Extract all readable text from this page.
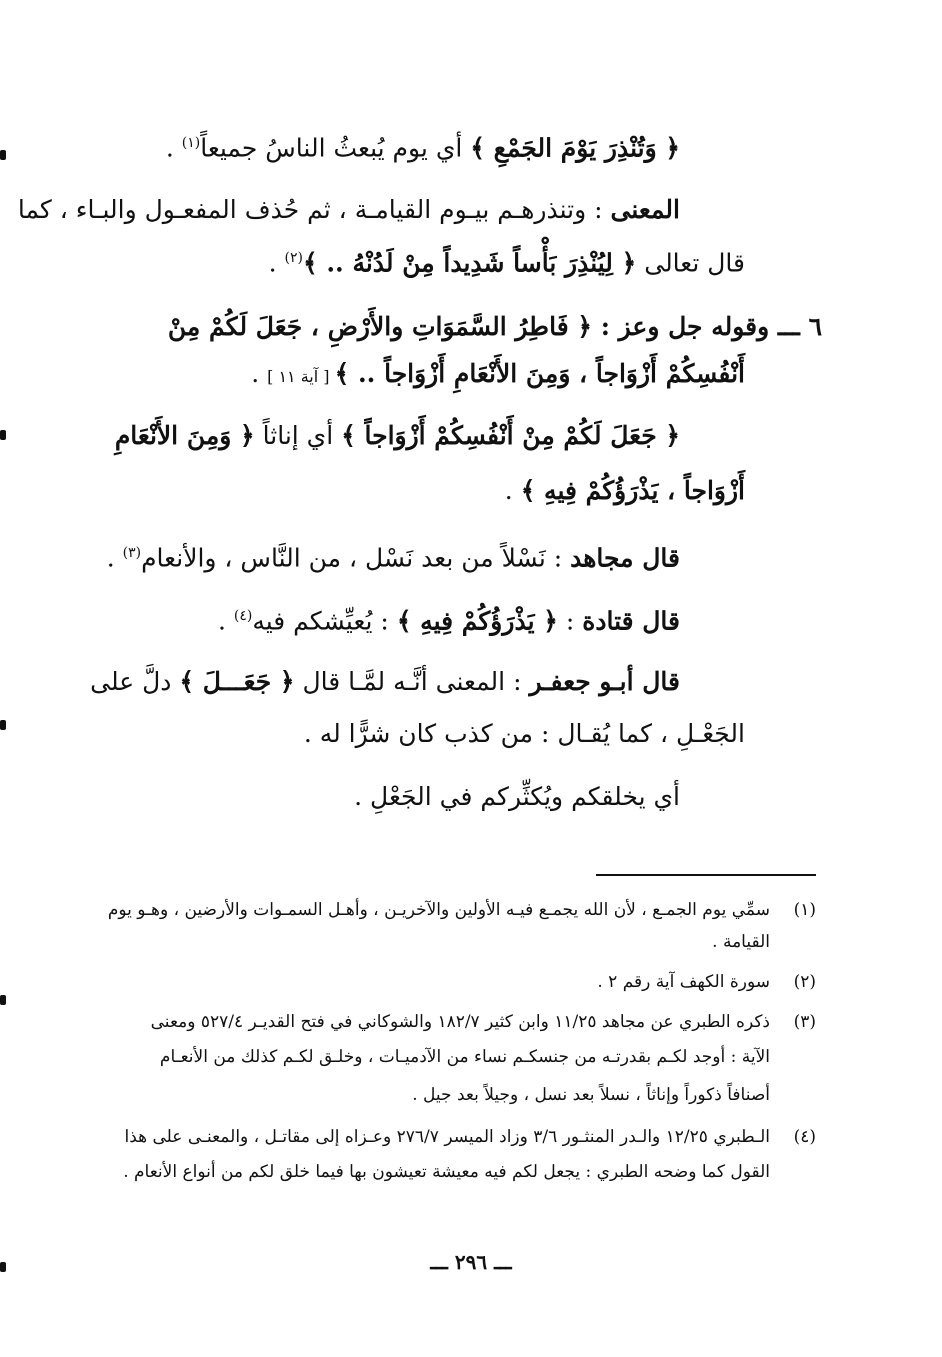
﴿ وَتُنْذِرَ يَوْمَ الجَمْعِ ﴾ أي يوم يُبعثُ الناسُ جميعاً$^{(١)}$ .
المعنى : وتنذرهـم بيـوم القيامـة ، ثم حُذف المفعـول والبـاء ، كما
قال تعالى ﴿ لِيُنْذِرَ بَأْساً شَدِيداً مِنْ لَدُنْهُ .. ﴾$^{(٢)}$ .
٦ ـــ وقوله جل وعز : ﴿ فَاطِرُ السَّمَوَاتِ والأَرْضِ ، جَعَلَ لَكُمْ مِنْ
أَنْفُسِكُمْ أَزْوَاجاً ، وَمِنَ الأَنْعَامِ أَزْوَاجاً .. ﴾ [ آية ١١ ] .
﴿ جَعَلَ لَكُمْ مِنْ أَنْفُسِكُمْ أَزْوَاجاً ﴾ أي إناثاً ﴿ وَمِنَ الأَنْعَامِ
أَزْوَاجاً ، يَذْرَؤُكُمْ فِيهِ ﴾ .
قال مجاهد : نَسْلاً من بعد نَسْل ، من النَّاس ، والأنعام$^{(٣)}$ .
قال قتادة : ﴿ يَذْرَؤُكُمْ فِيهِ ﴾ : يُعيِّشكم فيه$^{(٤)}$ .
قال أبـو جعفـر : المعنى أنَّـه لمَّـا قال ﴿ جَعَـــلَ ﴾ دلَّ على
الجَعْـلِ ، كما يُقـال : من كذب كان شرًّا له .
أي يخلقكم ويُكثِّركم في الجَعْلِ .
(١)
سمِّي يوم الجمـع ، لأن الله يجمـع فيـه الأولين والآخريـن ، وأهـل السمـوات والأرضين ، وهـو يوم
القيامة .
(٢)
سورة الكهف آية رقم ٢ .
(٣)
ذكره الطبري عن مجاهد ١١/٢٥ وابن كثير ١٨٢/٧ والشوكاني في فتح القديـر ٥٢٧/٤ ومعنى
الآية : أوجد لكـم بقدرتـه من جنسكـم نساء من الآدميـات ، وخلـق لكـم كذلك من الأنعـام
أصنافاً ذكوراً وإناثاً ، نسلاً بعد نسل ، وجيلاً بعد جيل .
(٤)
الـطبري ١٢/٢٥ والـدر المنثـور ٣/٦ وزاد الميسر ٢٧٦/٧ وعـزاه إلى مقاتـل ، والمعنـى على هذا
القول كما وضحه الطبري : يجعل لكم فيه معيشة تعيشون بها فيما خلق لكم من أنواع الأنعام .
ـــ ٢٩٦ ـــ
